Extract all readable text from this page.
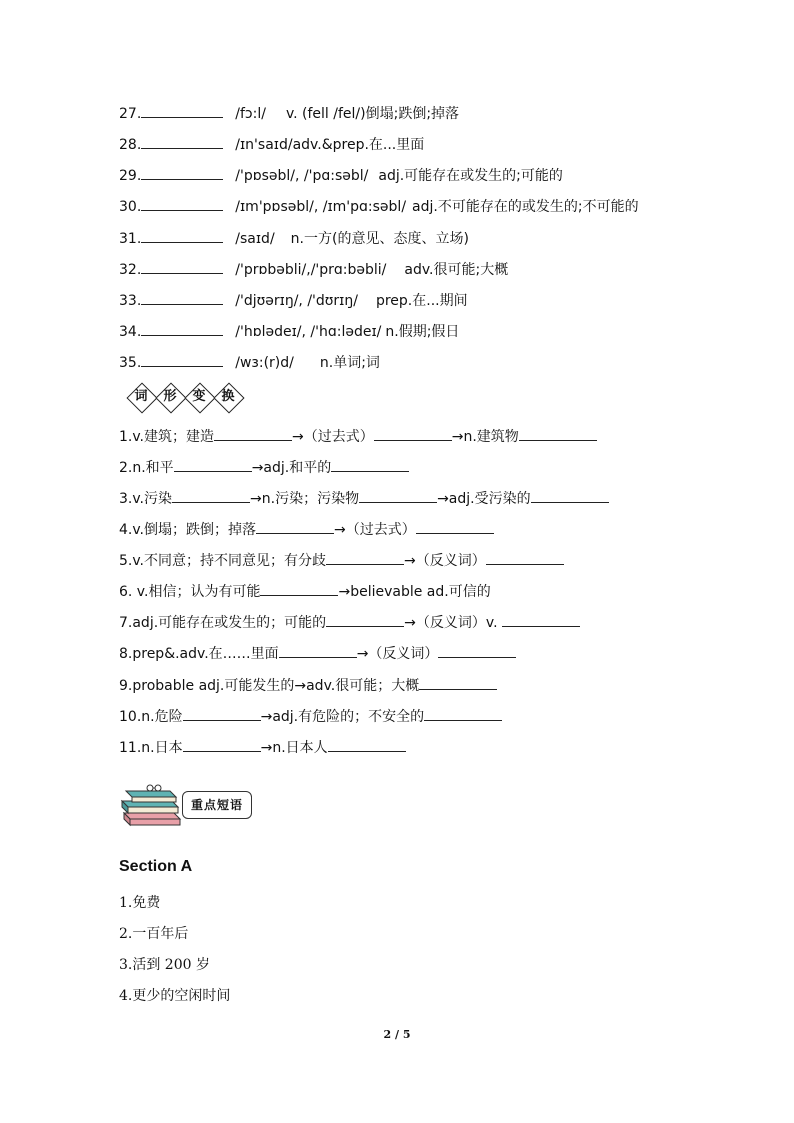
27.	/fɔ:l/ v. (fell /fel/)倒塌;跌倒;掉落
28.	/ɪn'saɪd/adv.&prep.在...里面
29.	/'pɒsəbl/, /'pɑ:səbl/ adj.可能存在或发生的;可能的
30.	/ɪm'pɒsəbl/, /ɪm'pɑ:səbl/ adj.不可能存在的或发生的;不可能的
31.	/saɪd/ n.一方(的意见、态度、立场)
32.	/'prɒbəbli/,/'prɑ:bəbli/ adv.很可能;大概
33.	/'djʊərɪŋ/, /'dʊrɪŋ/ prep.在...期间
34.	/'hɒlədeɪ/, /'hɑ:lədeɪ/ n.假期;假日
35.	/wɜ:(r)d/ n.单词;词
词	形	变	换
1.v.建筑；建造	→（过去式）	→n.建筑物
2.n.和平	→adj.和平的
3.v.污染	→n.污染；污染物	→adj.受污染的
4.v.倒塌；跌倒；掉落	→（过去式）
5.v.不同意；持不同意见；有分歧	→（反义词）
6. v.相信；认为有可能	→believable ad.可信的
7.adj.可能存在或发生的；可能的	→（反义词）v.
8.prep&.adv.在……里面	→（反义词）
9.probable adj.可能发生的→adv.很可能；大概
10.n.危险	→adj.有危险的；不安全的
11.n.日本	→n.日本人
重点短语
Section A
1.免费
2.一百年后
3.活到 200 岁
4.更少的空闲时间
2 / 5
